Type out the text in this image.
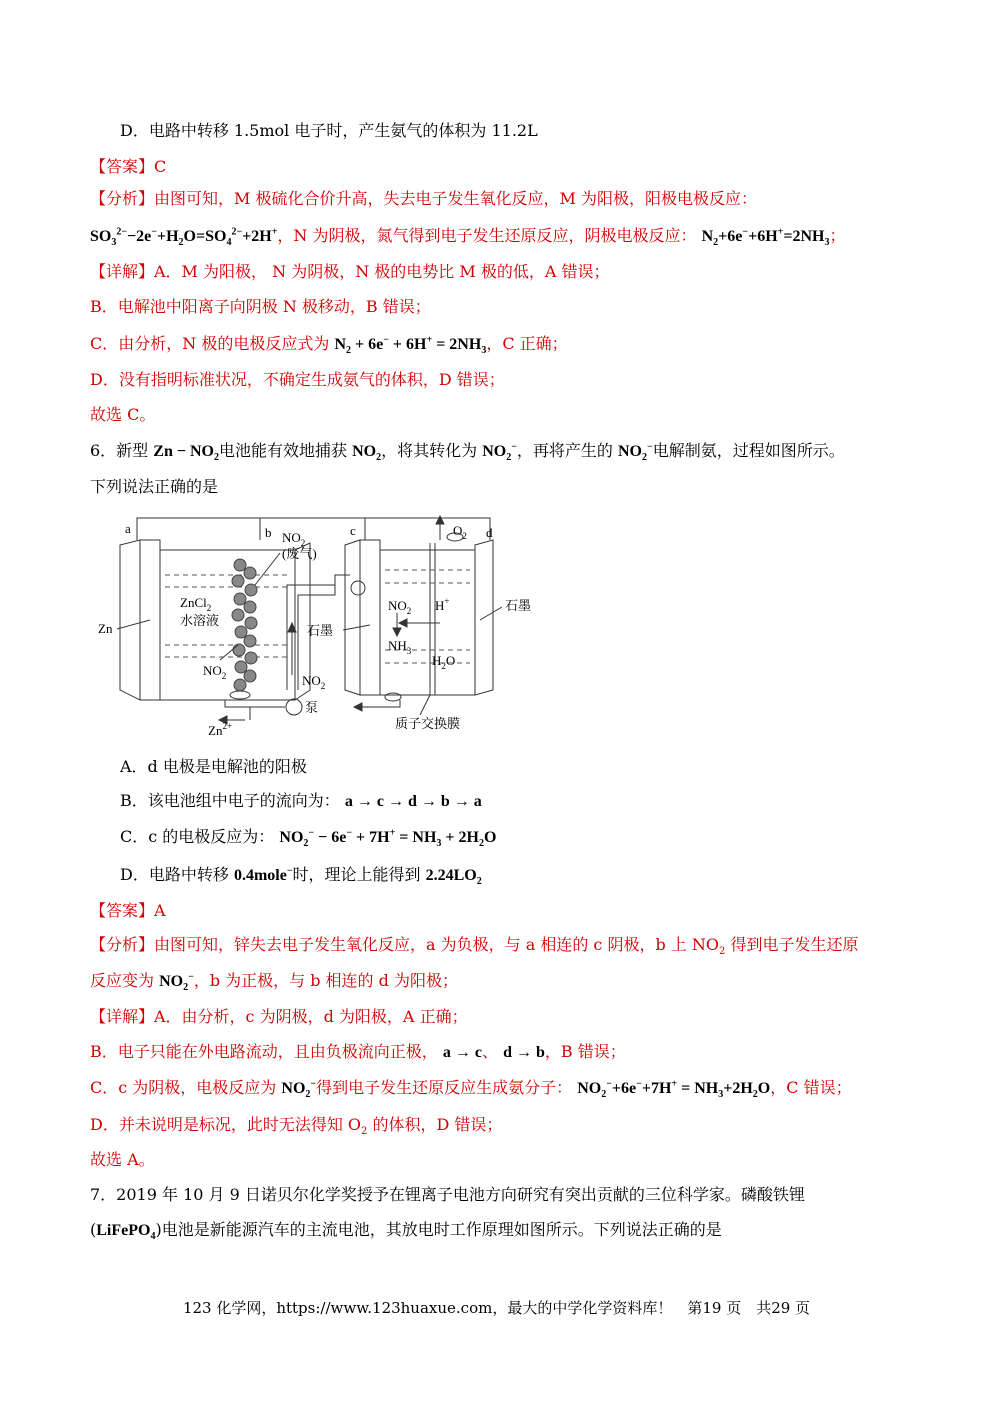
D．电路中转移 1.5mol 电子时，产生氨气的体积为 11.2L
【答案】C
【分析】由图可知，M 极硫化合价升高，失去电子发生氧化反应，M 为阳极，阳极电极反应：
$SO_3^{2-}-2e^-+H_2O=SO_4^{2-}+2H^+$，N 为阴极，氮气得到电子发生还原反应，阴极电极反应： $N_2+6e^-+6H^+=2NH_3$；
【详解】A．M 为阳极， N 为阴极，N 极的电势比 M 极的低，A 错误；
B．电解池中阳离子向阴极 N 极移动，B 错误；
C．由分析，N 极的电极反应式为 $N_2 + 6e^- + 6H^+ = 2NH_3$，C 正确；
D．没有指明标准状况，不确定生成氨气的体积，D 错误；
故选 C。
6．新型 $Zn - NO_2$电池能有效地捕获 $NO_2$，将其转化为 $NO_2^-$，再将产生的 $NO_2^-$电解制氨，过程如图所示。
下列说法正确的是
a	b	c	d
Zn
ZnCl$_2$
水溶液
$NO_2$
(废气)
$NO_2$
泵
$NO_2$
$Zn^{2+}$
石墨
石墨
$NO_2$
$NH_3$
H+
$H_2O$
$O_2$
质子交换膜
A．d 电极是电解池的阳极
B．该电池组中电子的流向为： a → c → d → b → a
C．c 的电极反应为： $NO_2^- - 6e^- + 7H^+ = NH_3 + 2H_2O$
D．电路中转移 0.4mole−时，理论上能得到 $2.24LO_2$
【答案】A
【分析】由图可知，锌失去电子发生氧化反应，a 为负极，与 a 相连的 c 阴极，b 上 $NO_2$ 得到电子发生还原
反应变为 $NO_2^-$，b 为正极，与 b 相连的 d 为阳极；
【详解】A．由分析，c 为阴极，d 为阳极，A 正确；
B．电子只能在外电路流动，且由负极流向正极， a → c、 d → b，B 错误；
C．c 为阴极，电极反应为 $NO_2^-$得到电子发生还原反应生成氨分子： $NO_2^-+6e^-+7H^+ = NH_3+2H_2O$，C 错误；
D．并未说明是标况，此时无法得知 $O_2$ 的体积，D 错误；
故选 A。
7．2019 年 10 月 9 日诺贝尔化学奖授予在锂离子电池方向研究有突出贡献的三位科学家。磷酸铁锂
(LiFePO$_4$)电池是新能源汽车的主流电池，其放电时工作原理如图所示。下列说法正确的是
123 化学网，https://www.123huaxue.com，最大的中学化学资料库！　第19 页　共29 页
